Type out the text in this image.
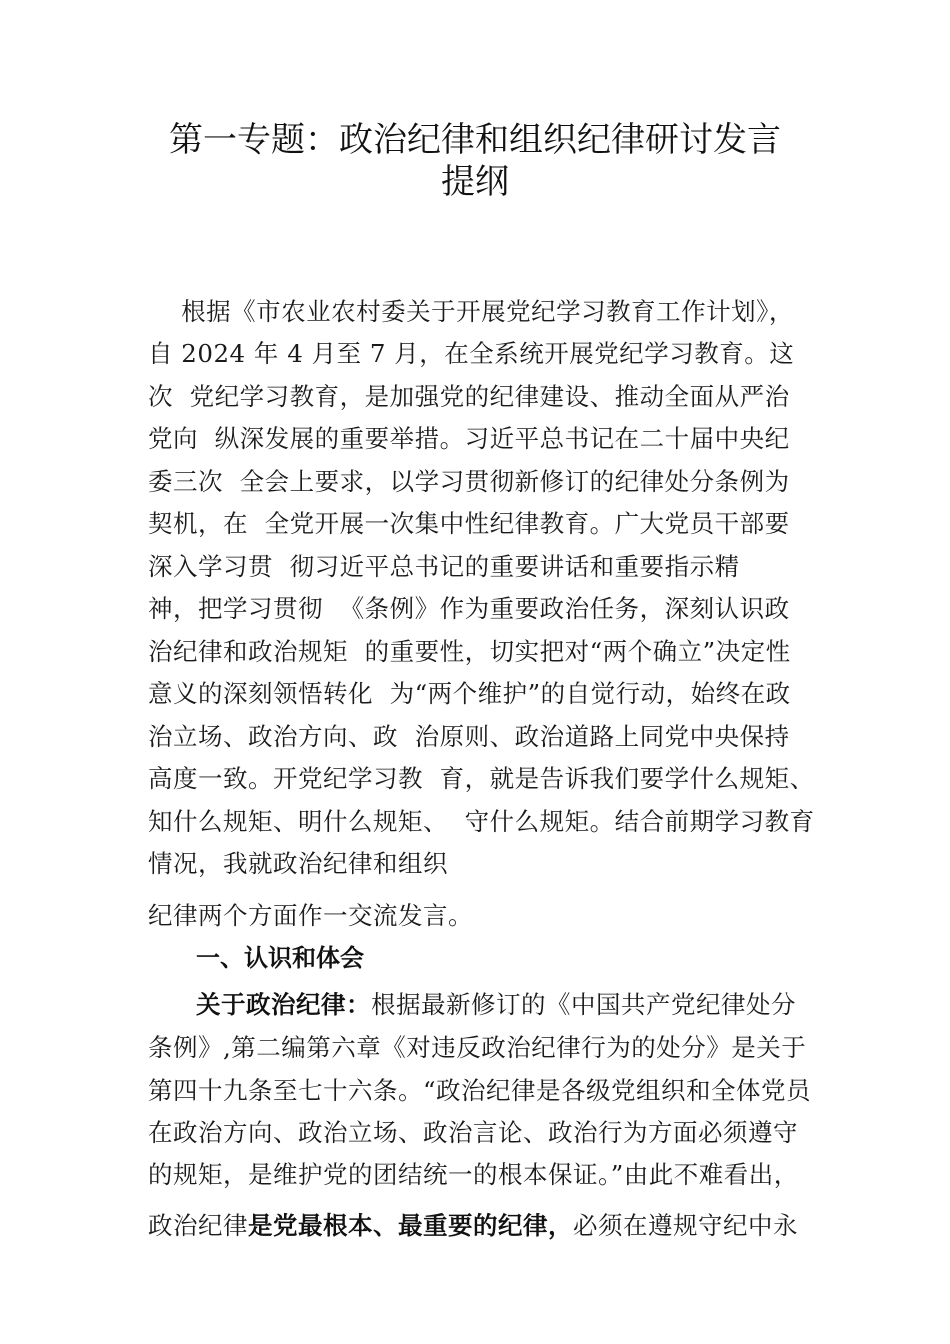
第一专题：政治纪律和组织纪律研讨发言
提纲
根据《市农业农村委关于开展党纪学习教育工作计划》，
自 2024 年 4 月至 7 月，在全系统开展党纪学习教育。这
次  党纪学习教育，是加强党的纪律建设、推动全面从严治
党向  纵深发展的重要举措。习近平总书记在二十届中央纪
委三次  全会上要求，以学习贯彻新修订的纪律处分条例为
契机，在  全党开展一次集中性纪律教育。广大党员干部要
深入学习贯  彻习近平总书记的重要讲话和重要指示精
神，把学习贯彻  《条例》作为重要政治任务，深刻认识政
治纪律和政治规矩  的重要性，切实把对“两个确立”决定性
意义的深刻领悟转化  为“两个维护”的自觉行动，始终在政
治立场、政治方向、政  治原则、政治道路上同党中央保持
高度一致。开党纪学习教  育，就是告诉我们要学什么规矩、
知什么规矩、明什么规矩、  守什么规矩。结合前期学习教育
情况，我就政治纪律和组织
纪律两个方面作一交流发言。
一、认识和体会
关于政治纪律：根据最新修订的《中国共产党纪律处分
条例》,第二编第六章《对违反政治纪律行为的处分》是关于
第四十九条至七十六条。“政治纪律是各级党组织和全体党员
在政治方向、政治立场、政治言论、政治行为方面必须遵守
的规矩，是维护党的团结统一的根本保证。”由此不难看出，
政治纪律是党最根本、最重要的纪律，必须在遵规守纪中永
